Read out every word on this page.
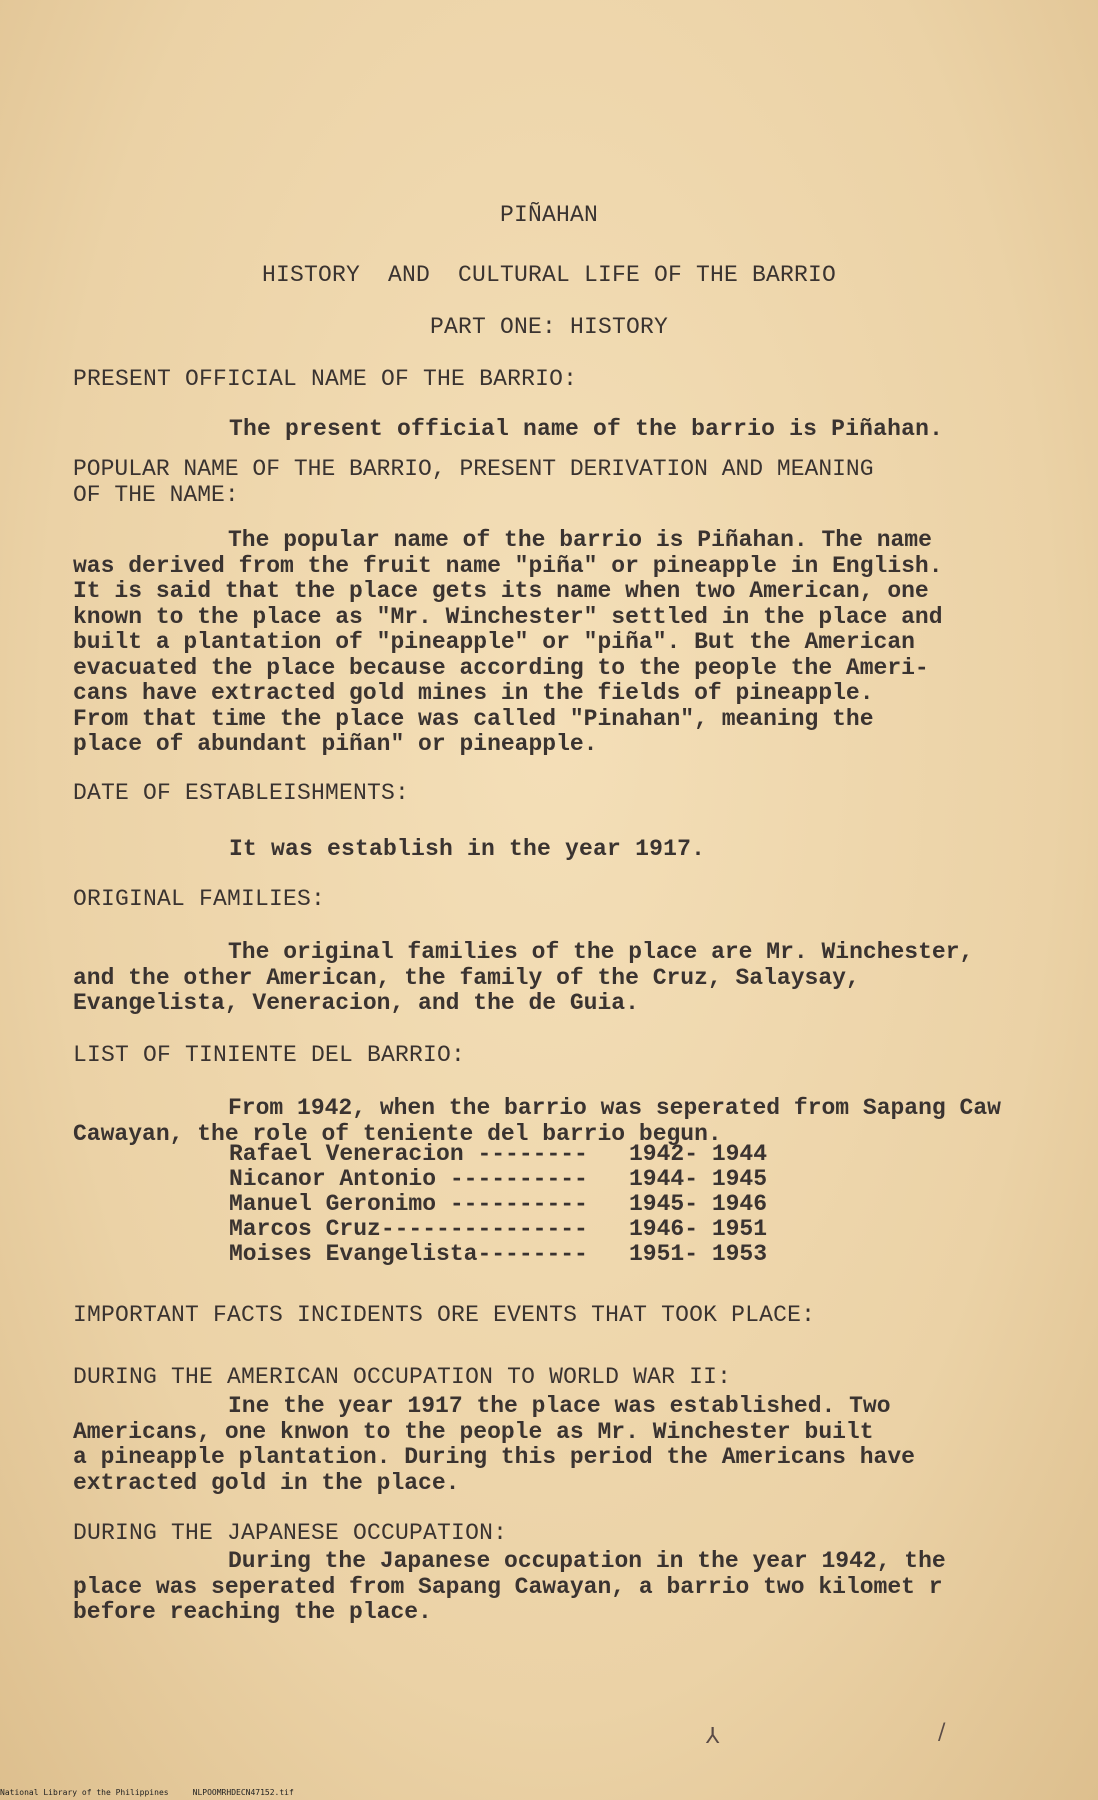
PIÑAHAN
HISTORY  AND  CULTURAL LIFE OF THE BARRIO
PART ONE: HISTORY
PRESENT OFFICIAL NAME OF THE BARRIO:
The present official name of the barrio is Piñahan.
POPULAR NAME OF THE BARRIO, PRESENT DERIVATION AND MEANING
OF THE NAME:
The popular name of the barrio is Piñahan. The name
was derived from the fruit name "piña" or pineapple in English.
It is said that the place gets its name when two American, one
known to the place as "Mr. Winchester" settled in the place and
built a plantation of "pineapple" or "piña". But the American
evacuated the place because according to the people the Ameri-
cans have extracted gold mines in the fields of pineapple.
From that time the place was called "Pinahan", meaning the
place of abundant piñan" or pineapple.
DATE OF ESTABLEISHMENTS:
It was establish in the year 1917.
ORIGINAL FAMILIES:
The original families of the place are Mr. Winchester,
and the other American, the family of the Cruz, Salaysay,
Evangelista, Veneracion, and the de Guia.
LIST OF TINIENTE DEL BARRIO:
From 1942, when the barrio was seperated from Sapang Caw
Cawayan, the role of teniente del barrio begun.
Rafael Veneracion --------	1942- 1944
Nicanor Antonio ----------	1944- 1945
Manuel Geronimo ----------	1945- 1946
Marcos Cruz---------------	1946- 1951
Moises Evangelista--------	1951- 1953
IMPORTANT FACTS INCIDENTS ORE EVENTS THAT TOOK PLACE:
DURING THE AMERICAN OCCUPATION TO WORLD WAR II:
Ine the year 1917 the place was established. Two
Americans, one knwon to the people as Mr. Winchester built
a pineapple plantation. During this period the Americans have
extracted gold in the place.
DURING THE JAPANESE OCCUPATION:
During the Japanese occupation in the year 1942, the
place was seperated from Sapang Cawayan, a barrio two kilomet r
before reaching the place.
⅄	/
National Library of the Philippines     NLPOOMRHDECN47152.tif
